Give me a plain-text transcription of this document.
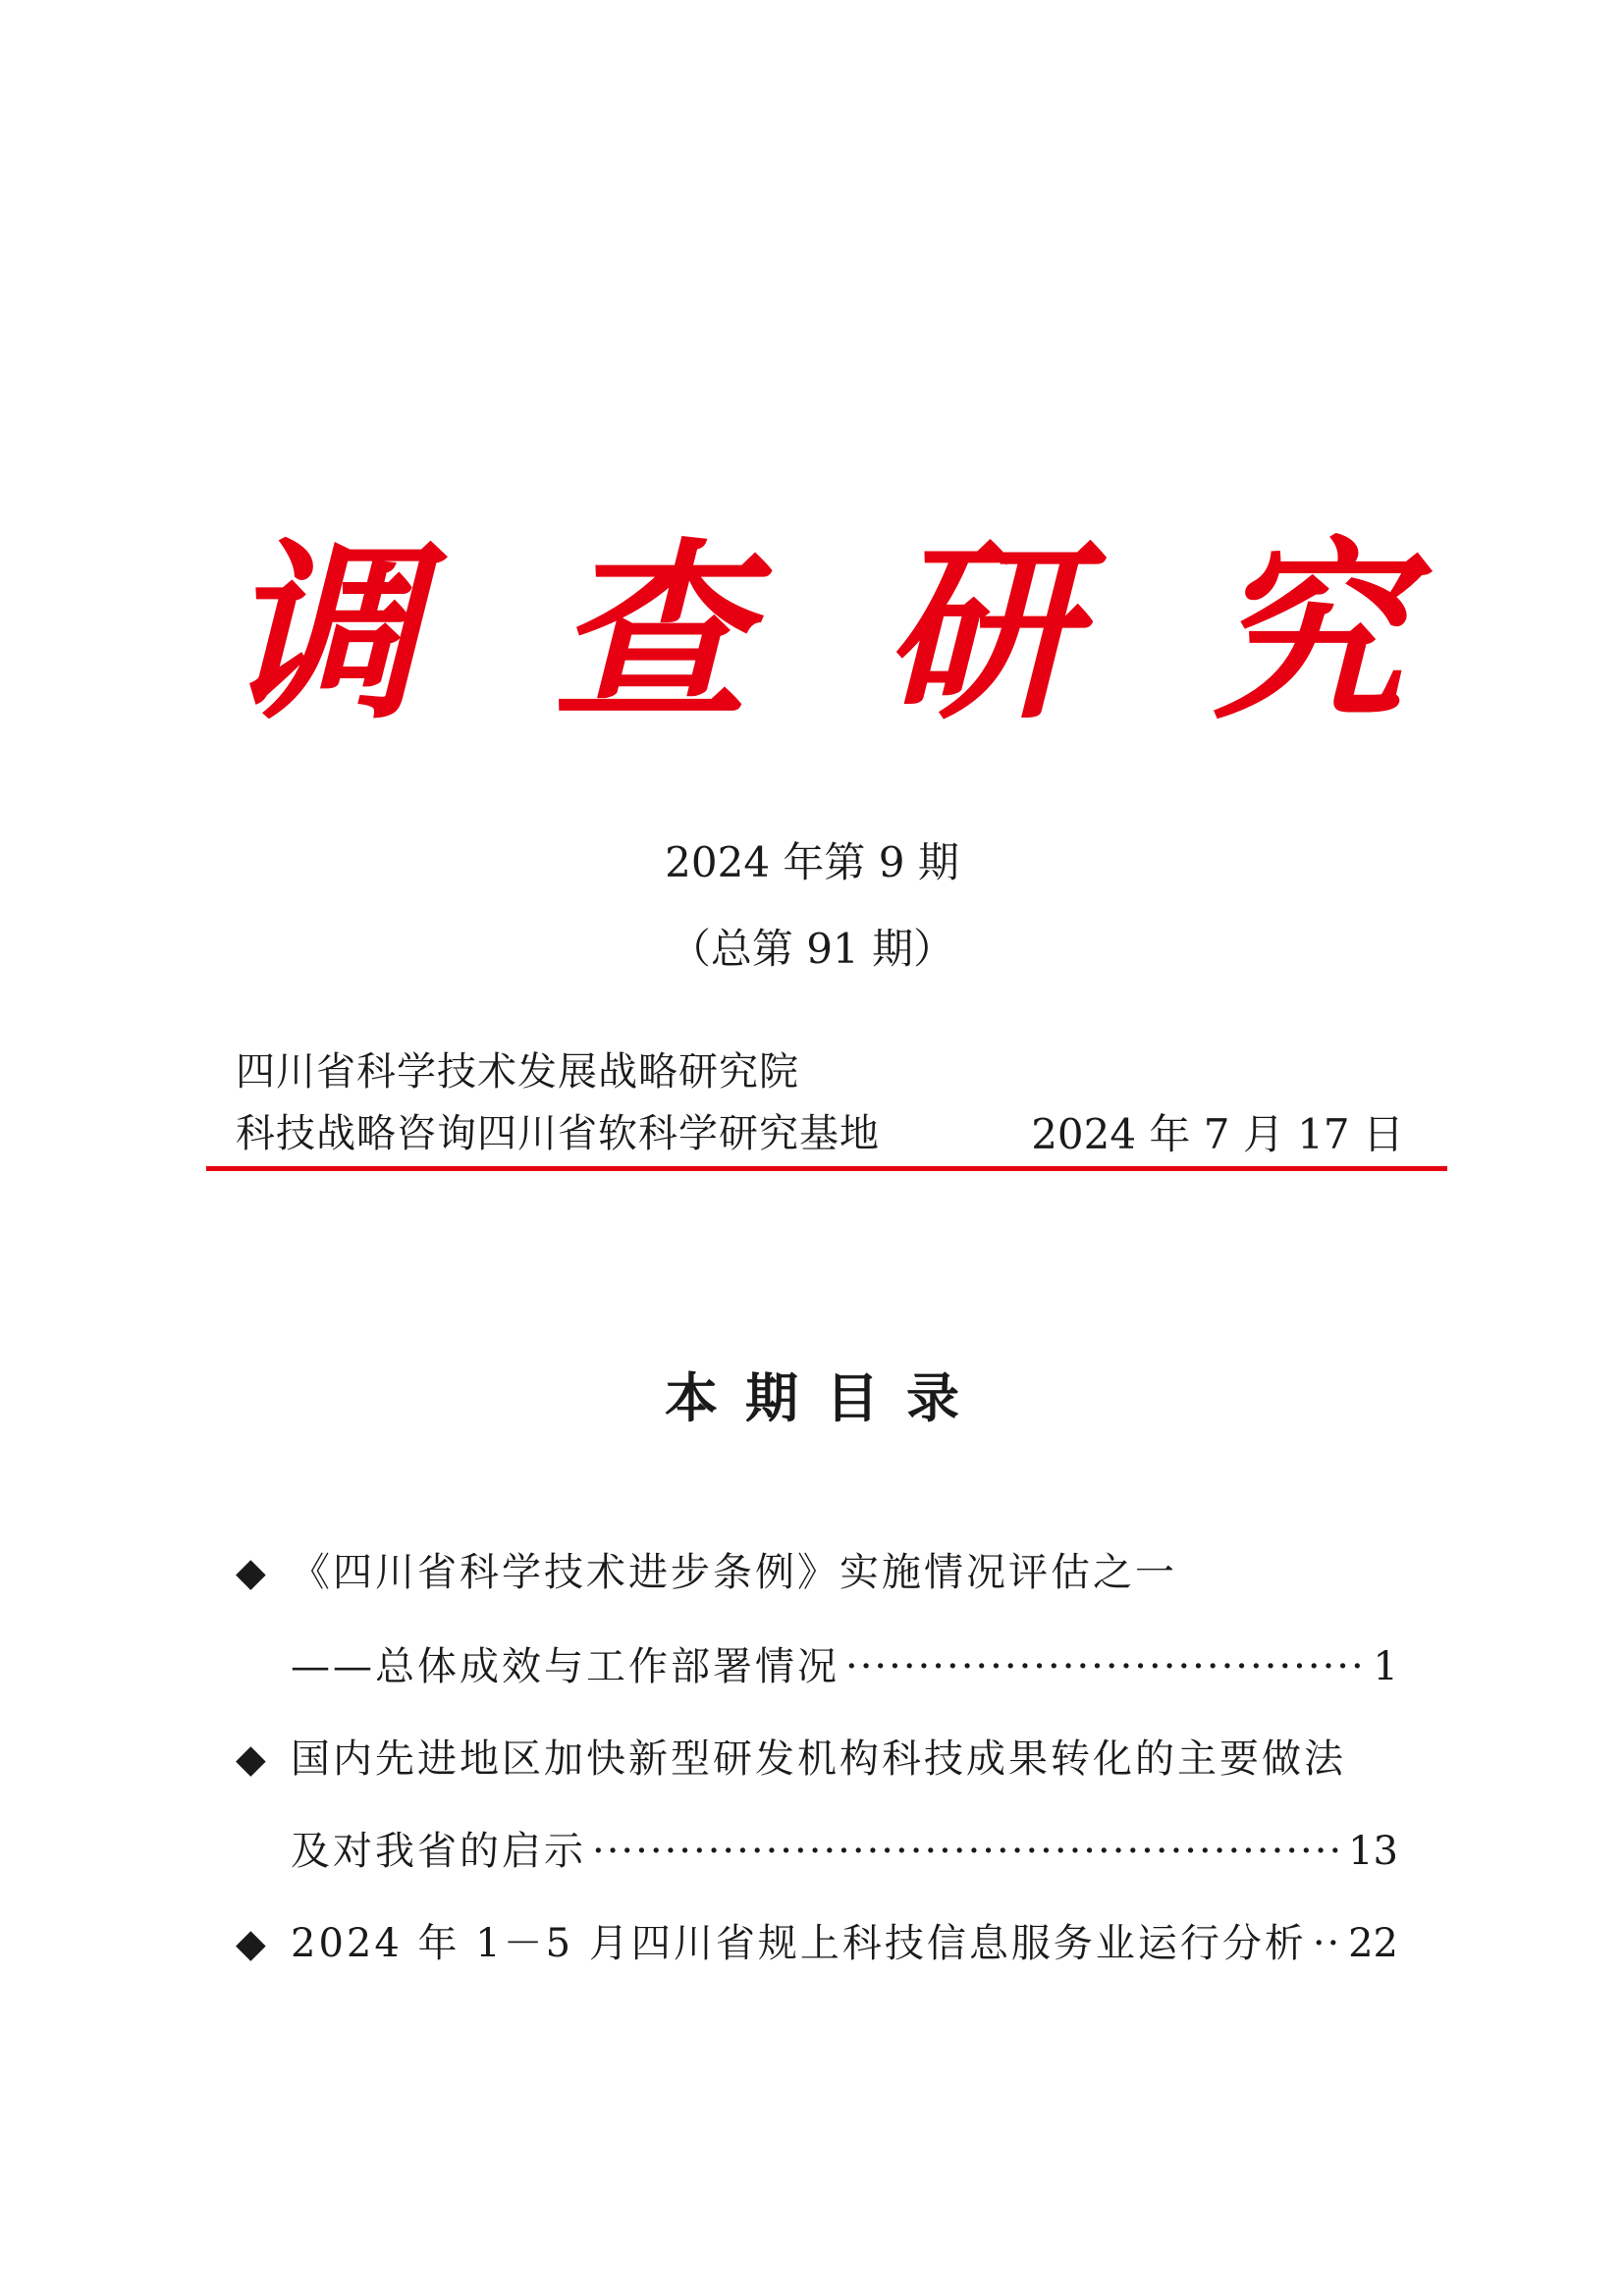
调 查 研 究
2024 年第 9 期
（总第 91 期）
四川省科学技术发展战略研究院
科技战略咨询四川省软科学研究基地	2024 年 7 月 17 日
本期目录
◆ 《四川省科学技术进步条例》实施情况评估之一
——总体成效与工作部署情况 ·····	1
◆ 国内先进地区加快新型研发机构科技成果转化的主要做法
及对我省的启示 ·····	13
◆ 2024 年 1－5 月四川省规上科技信息服务业运行分析 ····· 22
